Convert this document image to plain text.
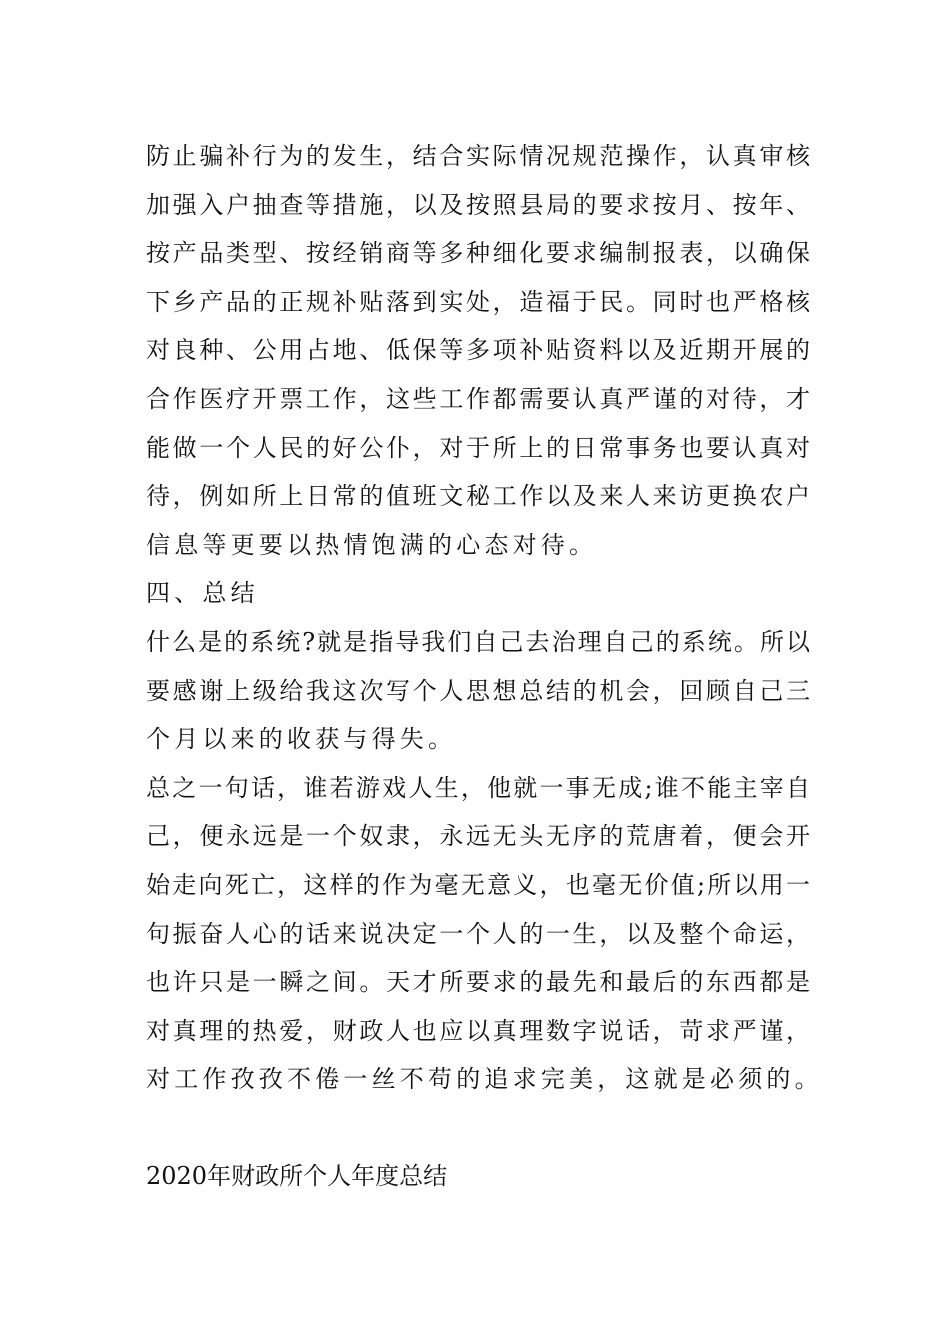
防止骗补行为的发生，结合实际情况规范操作，认真审核
加强入户抽查等措施，以及按照县局的要求按月、按年、
按产品类型、按经销商等多种细化要求编制报表，以确保
下乡产品的正规补贴落到实处，造福于民。同时也严格核
对良种、公用占地、低保等多项补贴资料以及近期开展的
合作医疗开票工作，这些工作都需要认真严谨的对待，才
能做一个人民的好公仆，对于所上的日常事务也要认真对
待，例如所上日常的值班文秘工作以及来人来访更换农户
信息等更要以热情饱满的心态对待。
四、总结
什么是的系统?就是指导我们自己去治理自己的系统。所以
要感谢上级给我这次写个人思想总结的机会，回顾自己三
个月以来的收获与得失。
总之一句话，谁若游戏人生，他就一事无成;谁不能主宰自
己，便永远是一个奴隶，永远无头无序的荒唐着，便会开
始走向死亡，这样的作为毫无意义，也毫无价值;所以用一
句振奋人心的话来说决定一个人的一生，以及整个命运，
也许只是一瞬之间。天才所要求的最先和最后的东西都是
对真理的热爱，财政人也应以真理数字说话，苛求严谨，
对工作孜孜不倦一丝不苟的追求完美，这就是必须的。
2020年财政所个人年度总结
